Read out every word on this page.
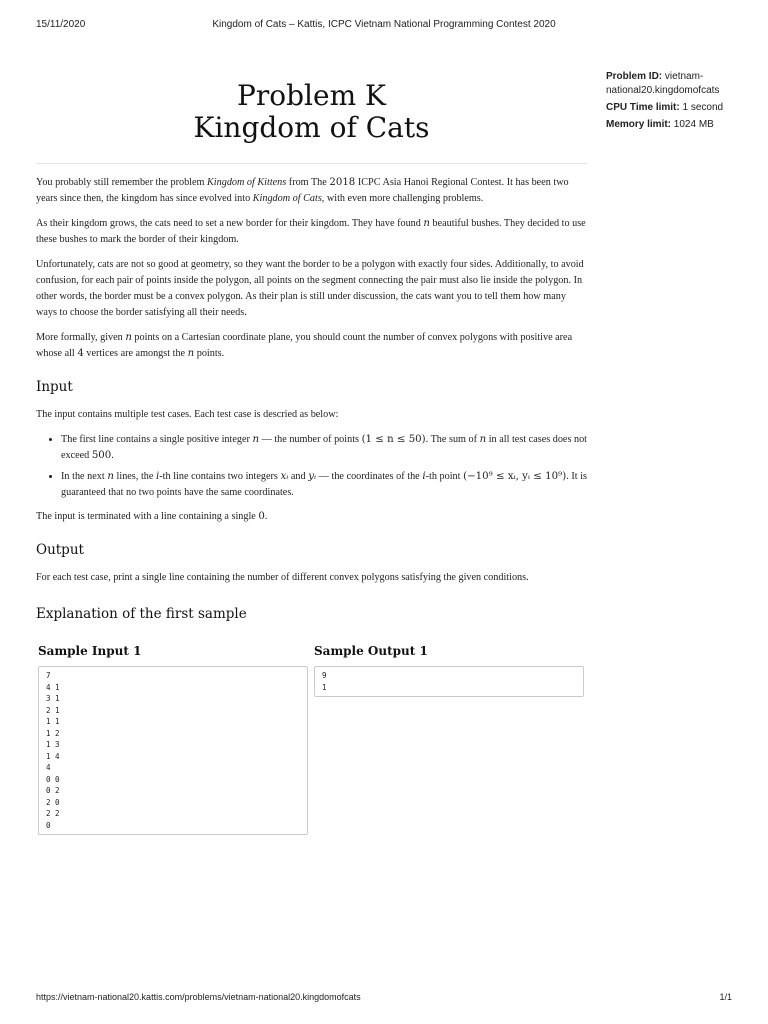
15/11/2020	Kingdom of Cats – Kattis, ICPC Vietnam National Programming Contest 2020
Problem K
Kingdom of Cats
Problem ID: vietnam-national20.kingdomofcats
CPU Time limit: 1 second
Memory limit: 1024 MB

You probably still remember the problem Kingdom of Kittens from The 2018 ICPC Asia Hanoi Regional Contest. It has been two years since then, the kingdom has since evolved into Kingdom of Cats, with even more challenging problems.

As their kingdom grows, the cats need to set a new border for their kingdom. They have found n beautiful bushes. They decided to use these bushes to mark the border of their kingdom.

Unfortunately, cats are not so good at geometry, so they want the border to be a polygon with exactly four sides. Additionally, to avoid confusion, for each pair of points inside the polygon, all points on the segment connecting the pair must also lie inside the polygon. In other words, the border must be a convex polygon. As their plan is still under discussion, the cats want you to tell them how many ways to choose the border satisfying all their needs.

More formally, given n points on a Cartesian coordinate plane, you should count the number of convex polygons with positive area whose all 4 vertices are amongst the n points.

Input

The input contains multiple test cases. Each test case is descried as below:

• The first line contains a single positive integer n — the number of points (1 ≤ n ≤ 50). The sum of n in all test cases does not exceed 500.
• In the next n lines, the i-th line contains two integers xᵢ and yᵢ — the coordinates of the i-th point (−10⁹ ≤ xᵢ, yᵢ ≤ 10⁹). It is guaranteed that no two points have the same coordinates.

The input is terminated with a line containing a single 0.

Output

For each test case, print a single line containing the number of different convex polygons satisfying the given conditions.

Explanation of the first sample
Sample Input 1
7
4 1
3 1
2 1
1 1
1 2
1 3
1 4
4
0 0
0 2
2 0
2 2
0
Sample Output 1
9
1
https://vietnam-national20.kattis.com/problems/vietnam-national20.kingdomofcats	1/1
